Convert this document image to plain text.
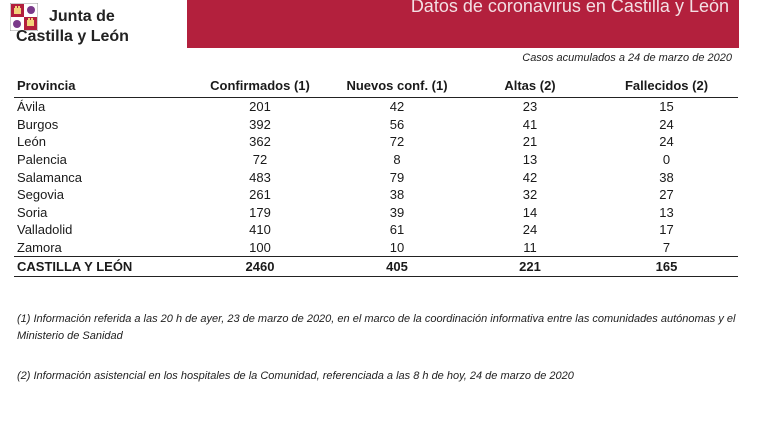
Junta de
Castilla y León
Datos de coronavirus en Castilla y León
Casos acumulados a 24 de marzo de 2020
Provincia	Confirmados (1)	Nuevos conf. (1)	Altas (2)	Fallecidos (2)
Ávila	201	42	23	15
Burgos	392	56	41	24
León	362	72	21	24
Palencia	72	8	13	0
Salamanca	483	79	42	38
Segovia	261	38	32	27
Soria	179	39	14	13
Valladolid	410	61	24	17
Zamora	100	10	11	7
CASTILLA Y LEÓN	2460	405	221	165
(1) Información referida a las 20 h de ayer, 23 de marzo de 2020, en el marco de la coordinación informativa entre las comunidades autónomas y el Ministerio de Sanidad
(2) Información asistencial en los hospitales de la Comunidad, referenciada a las 8 h de hoy, 24 de marzo de 2020
